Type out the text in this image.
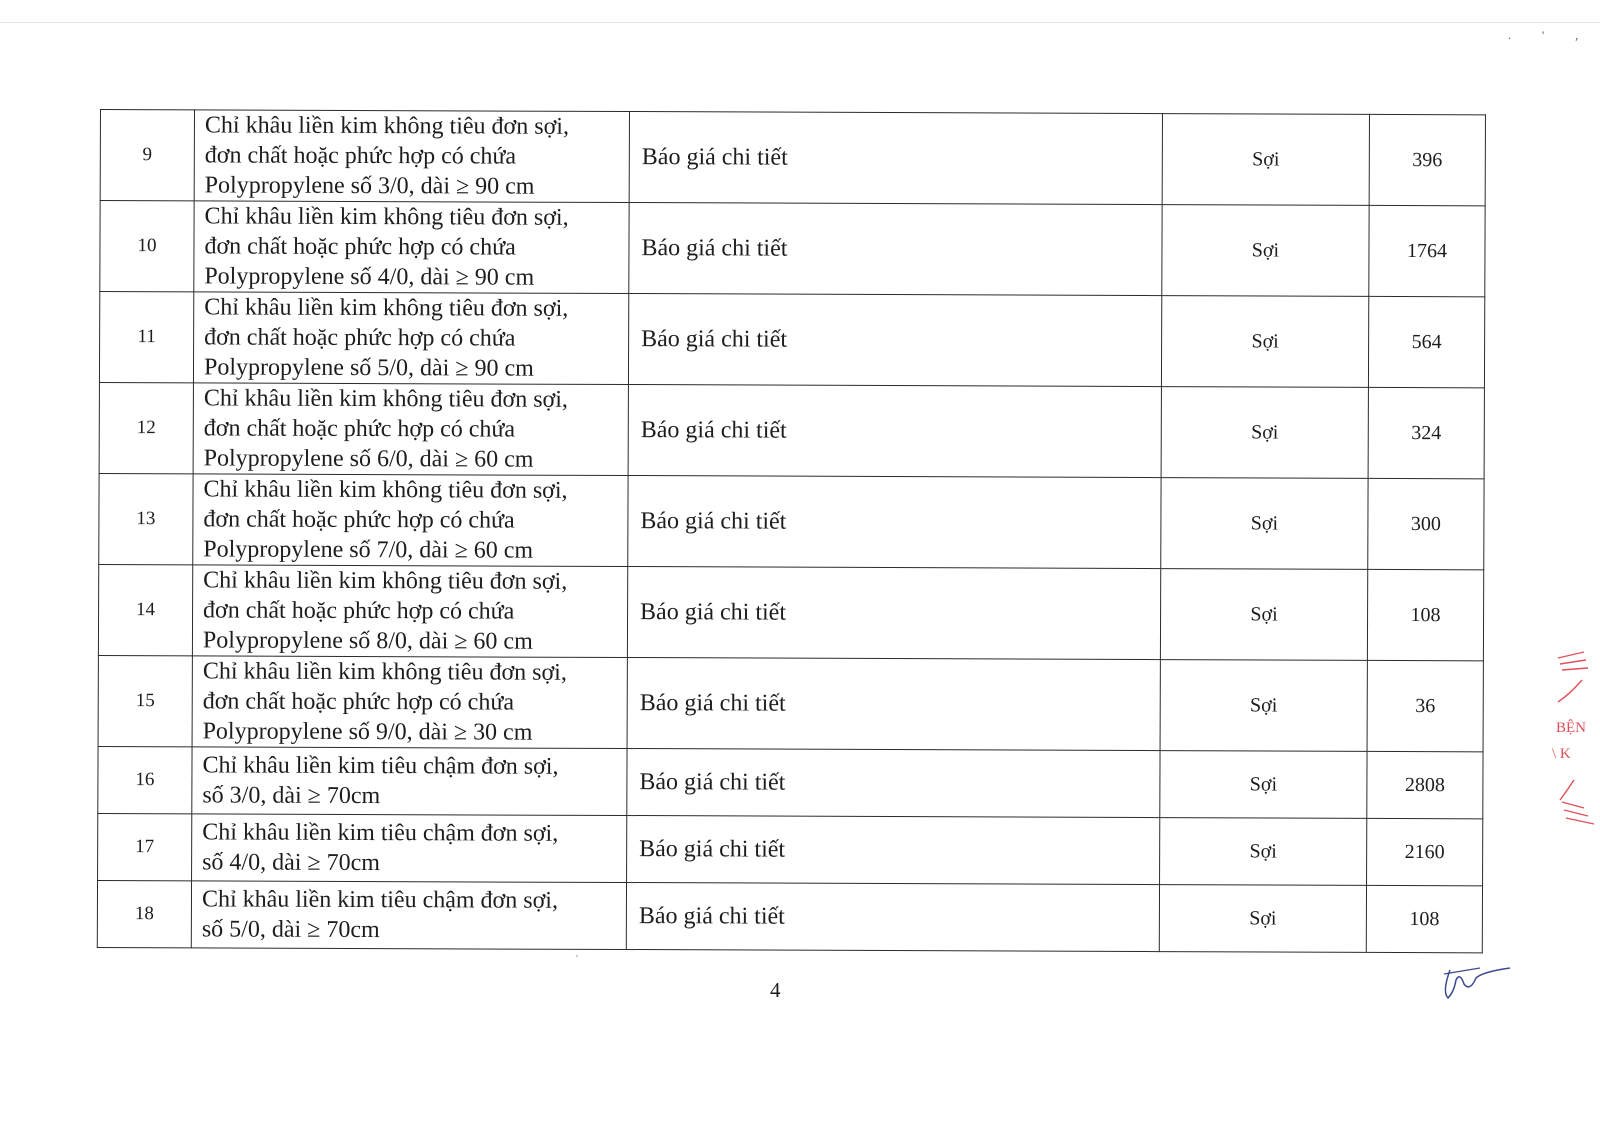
. ' ,
9	Chỉ khâu liền kim không tiêu đơn sợi,
đơn chất hoặc phức hợp có chứa
Polypropylene số 3/0, dài ≥ 90 cm	Báo giá chi tiết	Sợi	396
10	Chỉ khâu liền kim không tiêu đơn sợi,
đơn chất hoặc phức hợp có chứa
Polypropylene số 4/0, dài ≥ 90 cm	Báo giá chi tiết	Sợi	1764
11	Chỉ khâu liền kim không tiêu đơn sợi,
đơn chất hoặc phức hợp có chứa
Polypropylene số 5/0, dài ≥ 90 cm	Báo giá chi tiết	Sợi	564
12	Chỉ khâu liền kim không tiêu đơn sợi,
đơn chất hoặc phức hợp có chứa
Polypropylene số 6/0, dài ≥ 60 cm	Báo giá chi tiết	Sợi	324
13	Chỉ khâu liền kim không tiêu đơn sợi,
đơn chất hoặc phức hợp có chứa
Polypropylene số 7/0, dài ≥ 60 cm	Báo giá chi tiết	Sợi	300
14	Chỉ khâu liền kim không tiêu đơn sợi,
đơn chất hoặc phức hợp có chứa
Polypropylene số 8/0, dài ≥ 60 cm	Báo giá chi tiết	Sợi	108
15	Chỉ khâu liền kim không tiêu đơn sợi,
đơn chất hoặc phức hợp có chứa
Polypropylene số 9/0, dài ≥ 30 cm	Báo giá chi tiết	Sợi	36
16	Chỉ khâu liền kim tiêu chậm đơn sợi,
số 3/0, dài ≥ 70cm	Báo giá chi tiết	Sợi	2808
17	Chỉ khâu liền kim tiêu chậm đơn sợi,
số 4/0, dài ≥ 70cm	Báo giá chi tiết	Sợi	2160
18	Chỉ khâu liền kim tiêu chậm đơn sợi,
số 5/0, dài ≥ 70cm	Báo giá chi tiết	Sợi	108
4
BỆN
\ K
